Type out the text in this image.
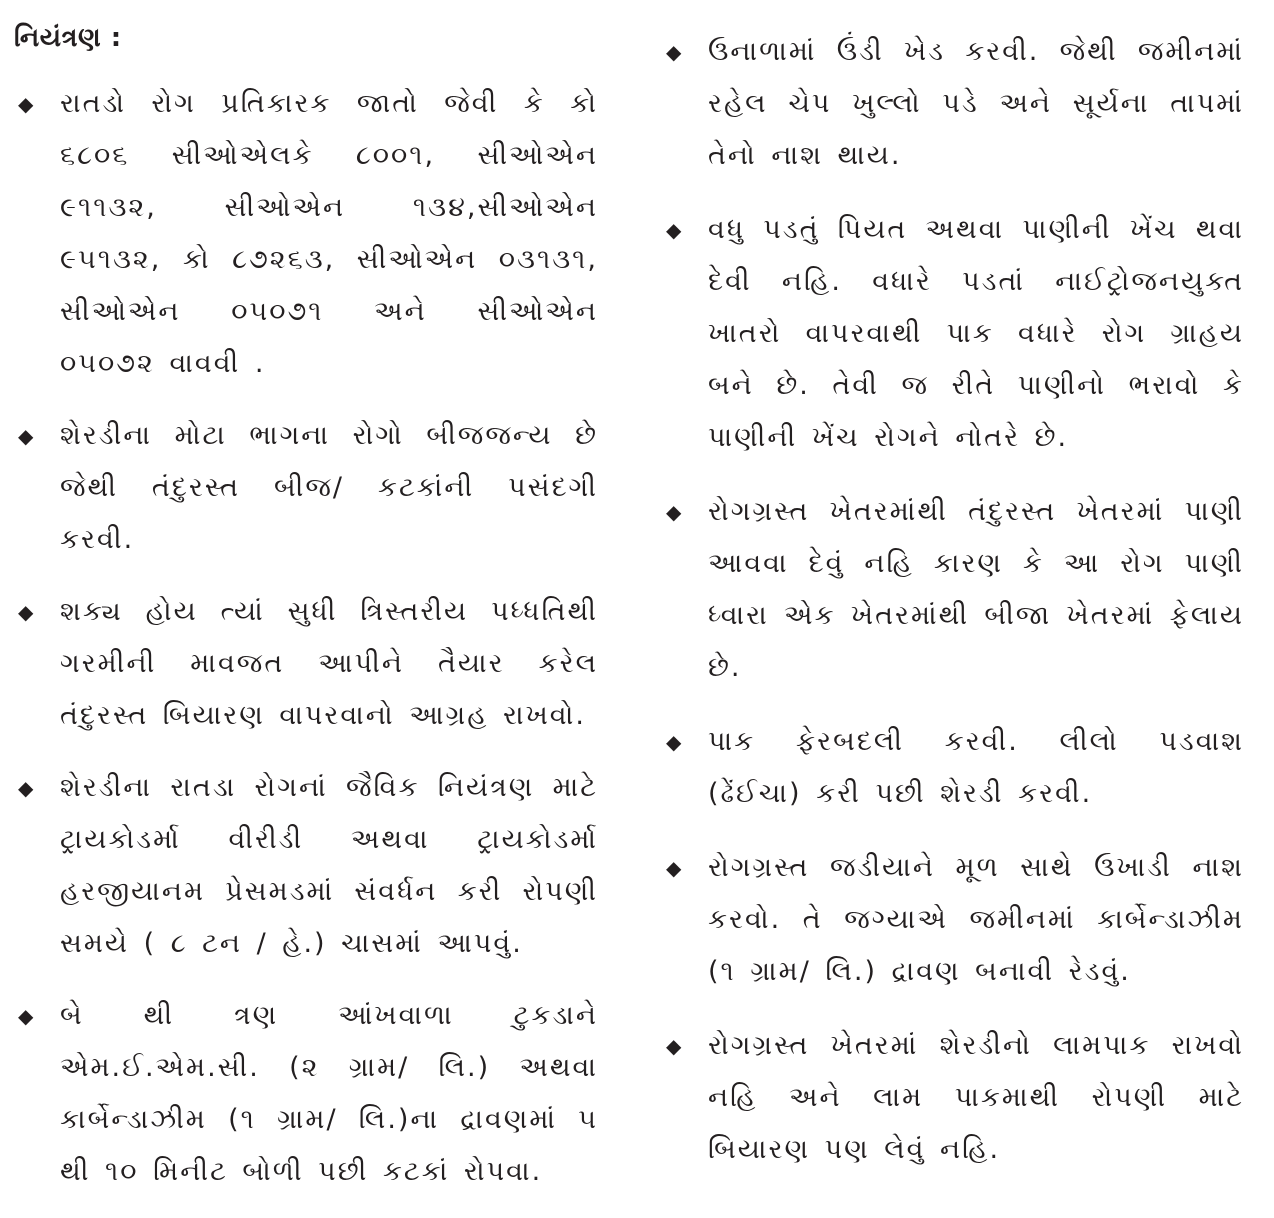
નિયંત્રણ :
◆ રાતડો રોગ પ્રતિકારક જાતો જેવી કે કો ૬૮૦૬ સીઓએલકે ૮૦૦૧, સીઓએન ૯૧૧૩૨, સીઓએન ૧૩૪,સીઓએન ૯૫૧૩૨, કો ૮૭૨૬૩, સીઓએન ૦૩૧૩૧, સીઓએન ૦૫૦૭૧ અને સીઓએન ૦૫૦૭૨ વાવવી .
◆ શેરડીના મોટા ભાગના રોગો બીજજન્ય છે જેથી તંદુરસ્ત બીજ/ કટકાંની પસંદગી કરવી.
◆ શક્ય હોય ત્યાં સુધી ત્રિસ્તરીય પધ્ધતિથી ગરમીની માવજત આપીને તૈયાર કરેલ તંદુરસ્ત બિયારણ વાપરવાનો આગ્રહ રાખવો.
◆ શેરડીના રાતડા રોગનાં જૈવિક નિયંત્રણ માટે ટ્રાયકોડર્મા વીરીડી અથવા ટ્રાયકોડર્મા હરજીયાનમ પ્રેસમડમાં સંવર્ધન કરી રોપણી સમયે ( ૮ ટન / હે.) ચાસમાં આપવું.
◆ બે થી ત્રણ આંખવાળા ટુકડાને એમ.ઈ.એમ.સી. (૨ ગ્રામ/ લિ.) અથવા કાર્બેન્ડાઝીમ (૧ ગ્રામ/ લિ.)ના દ્રાવણમાં ૫ થી ૧૦ મિનીટ બોળી પછી કટકાં રોપવા.
◆ ઉનાળામાં ઉંડી ખેડ કરવી. જેથી જમીનમાં રહેલ ચેપ ખુલ્લો પડે અને સૂર્યના તાપમાં તેનો નાશ થાય.
◆ વધુ પડતું પિયત અથવા પાણીની ખેંચ થવા દેવી નહિ. વધારે પડતાં નાઈટ્રોજનયુક્ત ખાતરો વાપરવાથી પાક વધારે રોગ ગ્રાહય બને છે. તેવી જ રીતે પાણીનો ભરાવો કે પાણીની ખેંચ રોગને નોતરે છે.
◆ રોગગ્રસ્ત ખેતરમાંથી તંદુરસ્ત ખેતરમાં પાણી આવવા દેવું નહિ કારણ કે આ રોગ પાણી ધ્વારા એક ખેતરમાંથી બીજા ખેતરમાં ફેલાય છે.
◆ પાક ફેરબદલી કરવી. લીલો પડવાશ (ઢેંઈચા) કરી પછી શેરડી કરવી.
◆ રોગગ્રસ્ત જડીયાને મૂળ સાથે ઉખાડી નાશ કરવો. તે જગ્યાએ જમીનમાં કાર્બેન્ડાઝીમ (૧ ગ્રામ/ લિ.) દ્રાવણ બનાવી રેડવું.
◆ રોગગ્રસ્ત ખેતરમાં શેરડીનો લામપાક રાખવો નહિ અને લામ પાકમાથી રોપણી માટે બિયારણ પણ લેવું નહિ.
